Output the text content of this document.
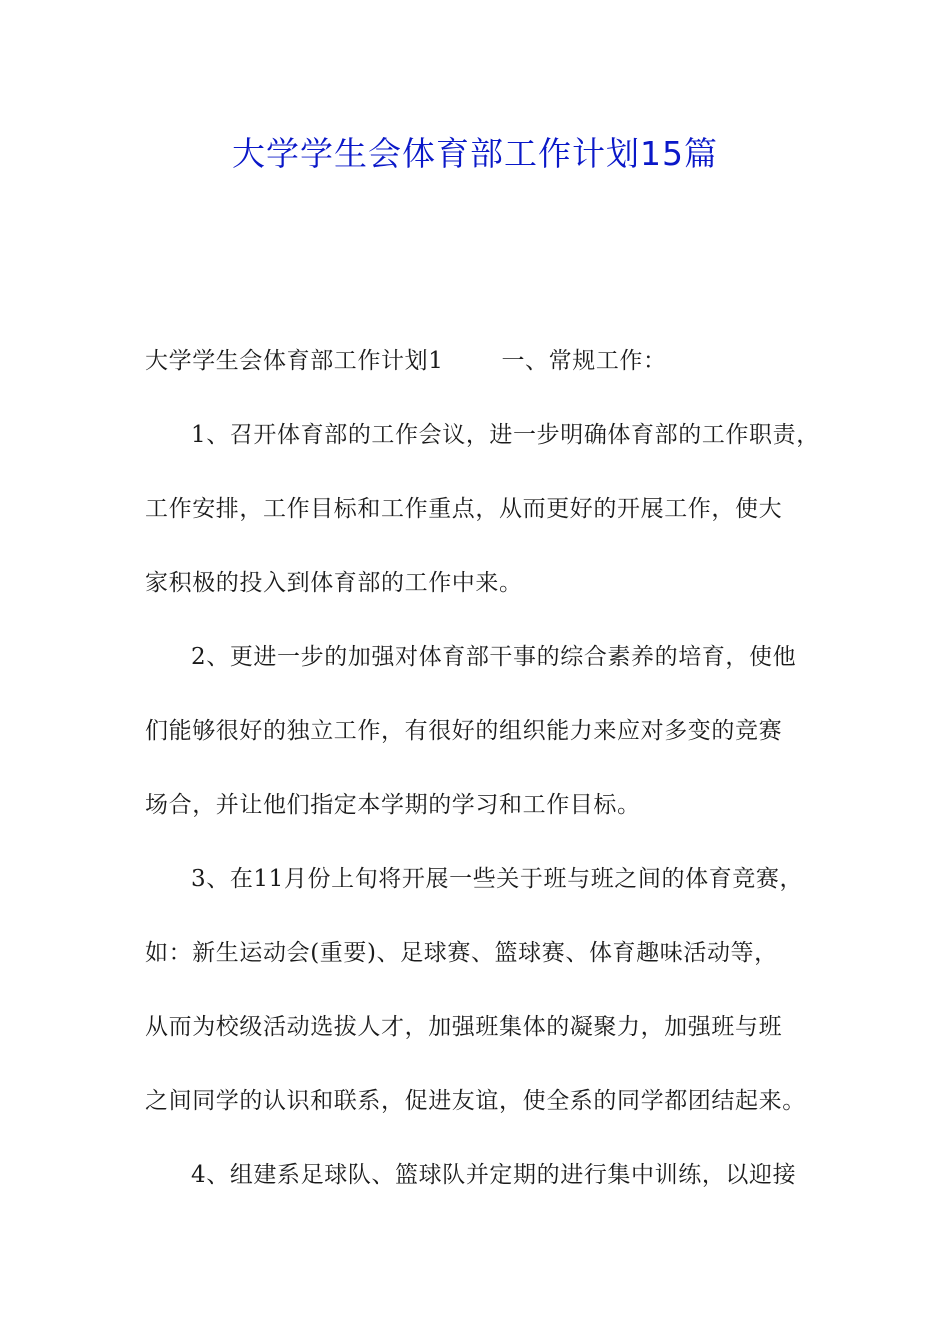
大学学生会体育部工作计划15篇
大学学生会体育部工作计划1	一、常规工作：
1、召开体育部的工作会议，进一步明确体育部的工作职责，
工作安排，工作目标和工作重点，从而更好的开展工作，使大
家积极的投入到体育部的工作中来。
2、更进一步的加强对体育部干事的综合素养的培育，使他
们能够很好的独立工作，有很好的组织能力来应对多变的竞赛
场合，并让他们指定本学期的学习和工作目标。
3、在11月份上旬将开展一些关于班与班之间的体育竞赛，
如：新生运动会(重要)、足球赛、篮球赛、体育趣味活动等，
从而为校级活动选拔人才，加强班集体的凝聚力，加强班与班
之间同学的认识和联系，促进友谊，使全系的同学都团结起来。
4、组建系足球队、篮球队并定期的进行集中训练，以迎接
